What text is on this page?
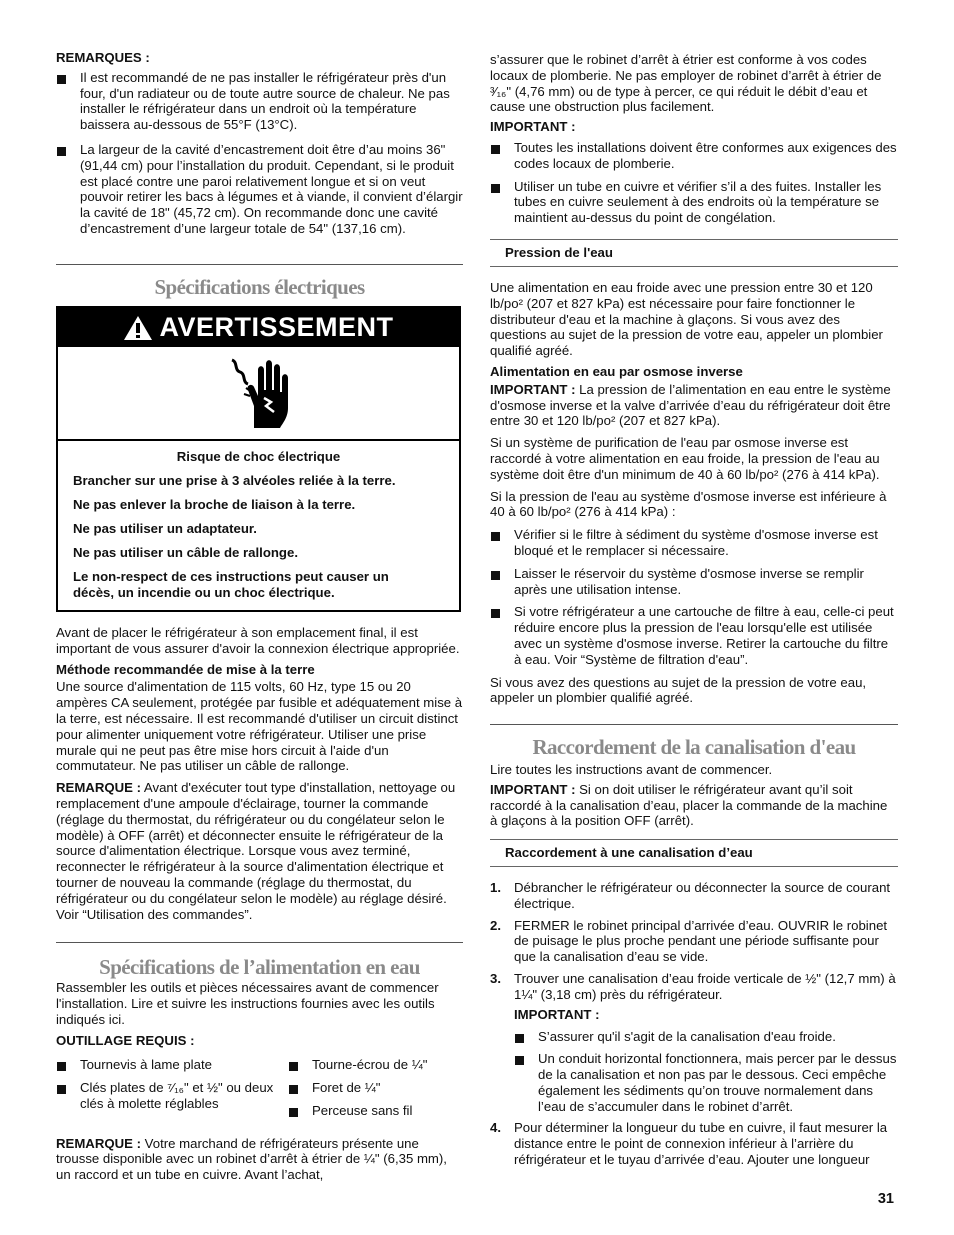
REMARQUES :
Il est recommandé de ne pas installer le réfrigérateur près d'un four, d'un radiateur ou de toute autre source de chaleur. Ne pas installer le réfrigérateur dans un endroit où la température baissera au-dessous de 55°F (13°C).
La largeur de la cavité d’encastrement doit être d’au moins 36" (91,44 cm) pour l’installation du produit. Cependant, si le produit est placé contre une paroi relativement longue et si on veut pouvoir retirer les bacs à légumes et à viande, il convient d’élargir la cavité de 18" (45,72 cm). On recommande donc une cavité d’encastrement d’une largeur totale de 54" (137,16 cm).
Spécifications électriques
AVERTISSEMENT
Risque de choc électrique
Brancher sur une prise à 3 alvéoles reliée à la terre.
Ne pas enlever la broche de liaison à la terre.
Ne pas utiliser un adaptateur.
Ne pas utiliser un câble de rallonge.
Le non-respect de ces instructions peut causer un décès, un incendie ou un choc électrique.

Avant de placer le réfrigérateur à son emplacement final, il est important de vous assurer d'avoir la connexion électrique appropriée.

Méthode recommandée de mise à la terre

Une source d'alimentation de 115 volts, 60 Hz, type 15 ou 20 ampères CA seulement, protégée par fusible et adéquatement mise à la terre, est nécessaire. Il est recommandé d'utiliser un circuit distinct pour alimenter uniquement votre réfrigérateur. Utiliser une prise murale qui ne peut pas être mise hors circuit à l'aide d'un commutateur. Ne pas utiliser un câble de rallonge.

REMARQUE : Avant d'exécuter tout type d'installation, nettoyage ou remplacement d'une ampoule d'éclairage, tourner la commande (réglage du thermostat, du réfrigérateur ou du congélateur selon le modèle) à OFF (arrêt) et déconnecter ensuite le réfrigérateur de la source d'alimentation électrique. Lorsque vous avez terminé, reconnecter le réfrigérateur à la source d'alimentation électrique et tourner de nouveau la commande (réglage du thermostat, du réfrigérateur ou du congélateur selon le modèle) au réglage désiré. Voir “Utilisation des commandes”.

Spécifications de l’alimentation en eau

Rassembler les outils et pièces nécessaires avant de commencer l'installation. Lire et suivre les instructions fournies avec les outils indiqués ici.

OUTILLAGE REQUIS :
Tournevis à lame plate
Clés plates de ⁷⁄₁₆" et ½" ou deux clés à molette réglables
Tourne-écrou de ¼"
Foret de ¼"
Perceuse sans fil

REMARQUE : Votre marchand de réfrigérateurs présente une trousse disponible avec un robinet d’arrêt à étrier de ¼" (6,35 mm), un raccord et un tube en cuivre. Avant l’achat,

s’assurer que le robinet d’arrêt à étrier est conforme à vos codes locaux de plomberie. Ne pas employer de robinet d’arrêt à étrier de ³⁄₁₆" (4,76 mm) ou de type à percer, ce qui réduit le débit d’eau et cause une obstruction plus facilement.

IMPORTANT :
Toutes les installations doivent être conformes aux exigences des codes locaux de plomberie.
Utiliser un tube en cuivre et vérifier s’il a des fuites. Installer les tubes en cuivre seulement à des endroits où la température se maintient au-dessus du point de congélation.
Pression de l'eau

Une alimentation en eau froide avec une pression entre 30 et 120 lb/po² (207 et 827 kPa) est nécessaire pour faire fonctionner le distributeur d'eau et la machine à glaçons. Si vous avez des questions au sujet de la pression de votre eau, appeler un plombier qualifié agréé.

Alimentation en eau par osmose inverse

IMPORTANT : La pression de l’alimentation en eau entre le système d'osmose inverse et la valve d’arrivée d’eau du réfrigérateur doit être entre 30 et 120 lb/po² (207 et 827 kPa).

Si un système de purification de l'eau par osmose inverse est raccordé à votre alimentation en eau froide, la pression de l'eau au système doit être d'un minimum de 40 à 60 lb/po² (276 à 414 kPa).

Si la pression de l'eau au système d'osmose inverse est inférieure à 40 à 60 lb/po² (276 à 414 kPa) :

Vérifier si le filtre à sédiment du système d'osmose inverse est bloqué et le remplacer si nécessaire.
Laisser le réservoir du système d'osmose inverse se remplir après une utilisation intense.
Si votre réfrigérateur a une cartouche de filtre à eau, celle-ci peut réduire encore plus la pression de l'eau lorsqu'elle est utilisée avec un système d'osmose inverse. Retirer la cartouche du filtre à eau. Voir “Système de filtration d'eau”.

Si vous avez des questions au sujet de la pression de votre eau, appeler un plombier qualifié agréé.

Raccordement de la canalisation d'eau

Lire toutes les instructions avant de commencer.

IMPORTANT : Si on doit utiliser le réfrigérateur avant qu’il soit raccordé à la canalisation d’eau, placer la commande de la machine à glaçons à la position OFF (arrêt).

Raccordement à une canalisation d’eau
1. Débrancher le réfrigérateur ou déconnecter la source de courant électrique.
2. FERMER le robinet principal d’arrivée d’eau. OUVRIR le robinet de puisage le plus proche pendant une période suffisante pour que la canalisation d’eau se vide.
3. Trouver une canalisation d’eau froide verticale de ½" (12,7 mm) à 1¼" (3,18 cm) près du réfrigérateur.
IMPORTANT :
S’assurer qu'il s'agit de la canalisation d'eau froide.
Un conduit horizontal fonctionnera, mais percer par le dessus de la canalisation et non pas par le dessous. Ceci empêche également les sédiments qu’on trouve normalement dans l’eau de s’accumuler dans le robinet d’arrêt.
4. Pour déterminer la longueur du tube en cuivre, il faut mesurer la distance entre le point de connexion inférieur à l’arrière du réfrigérateur et le tuyau d’arrivée d’eau. Ajouter une longueur
31
